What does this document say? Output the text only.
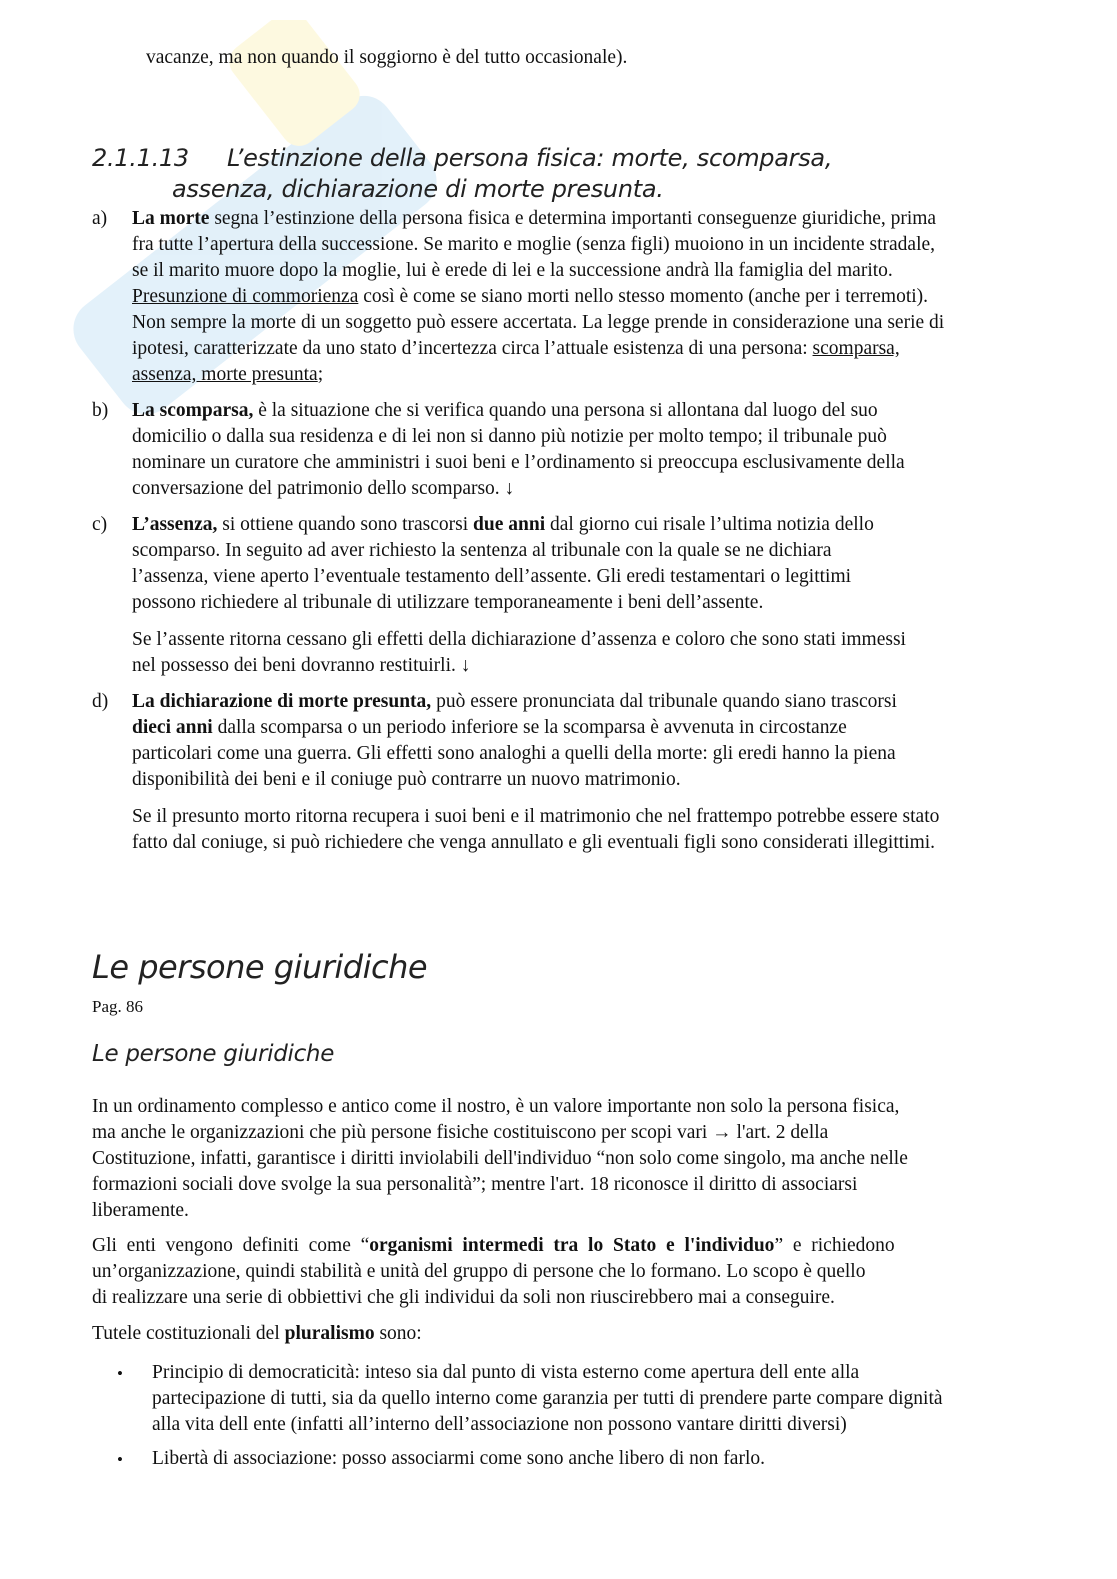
vacanze, ma non quando il soggiorno è del tutto occasionale).

2.1.1.13 L’estinzione della persona fisica: morte, scomparsa,
assenza, dichiarazione di morte presunta.
a) La morte segna l’estinzione della persona fisica e determina importanti conseguenze giuridiche, prima

fra tutte l’apertura della successione. Se marito e moglie (senza figli) muoiono in un incidente stradale,

se il marito muore dopo la moglie, lui è erede di lei e la successione andrà lla famiglia del marito.

Presunzione di commorienza così è come se siano morti nello stesso momento (anche per i terremoti).

Non sempre la morte di un soggetto può essere accertata. La legge prende in considerazione una serie di

ipotesi, caratterizzate da uno stato d’incertezza circa l’attuale esistenza di una persona: scomparsa,

assenza, morte presunta;

b) La scomparsa, è la situazione che si verifica quando una persona si allontana dal luogo del suo

domicilio o dalla sua residenza e di lei non si danno più notizie per molto tempo; il tribunale può

nominare un curatore che amministri i suoi beni e l’ordinamento si preoccupa esclusivamente della

conversazione del patrimonio dello scomparso. ↓

c) L’assenza, si ottiene quando sono trascorsi due anni dal giorno cui risale l’ultima notizia dello

scomparso. In seguito ad aver richiesto la sentenza al tribunale con la quale se ne dichiara

l’assenza, viene aperto l’eventuale testamento dell’assente. Gli eredi testamentari o legittimi

possono richiedere al tribunale di utilizzare temporaneamente i beni dell’assente.

Se l’assente ritorna cessano gli effetti della dichiarazione d’assenza e coloro che sono stati immessi

nel possesso dei beni dovranno restituirli. ↓

d) La dichiarazione di morte presunta, può essere pronunciata dal tribunale quando siano trascorsi

dieci anni dalla scomparsa o un periodo inferiore se la scomparsa è avvenuta in circostanze

particolari come una guerra. Gli effetti sono analoghi a quelli della morte: gli eredi hanno la piena

disponibilità dei beni e il coniuge può contrarre un nuovo matrimonio.

Se il presunto morto ritorna recupera i suoi beni e il matrimonio che nel frattempo potrebbe essere stato

fatto dal coniuge, si può richiedere che venga annullato e gli eventuali figli sono considerati illegittimi.

Le persone giuridiche
Pag. 86
Le persone giuridiche

In un ordinamento complesso e antico come il nostro, è un valore importante non solo la persona fisica,

ma anche le organizzazioni che più persone fisiche costituiscono per scopi vari → l'art. 2 della

Costituzione, infatti, garantisce i diritti inviolabili dell'individuo “non solo come singolo, ma anche nelle

formazioni sociali dove svolge la sua personalità”; mentre l'art. 18 riconosce il diritto di associarsi

liberamente.

Gli  enti  vengono  definiti  come  “organismi  intermedi  tra  lo  Stato  e  l'individuo”  e  richiedono

un’organizzazione, quindi stabilità e unità del gruppo di persone che lo formano. Lo scopo è quello

di realizzare una serie di obbiettivi che gli individui da soli non riuscirebbero mai a conseguire.

Tutele costituzionali del pluralismo sono:

• Principio di democraticità: inteso sia dal punto di vista esterno come apertura dell ente alla

partecipazione di tutti, sia da quello interno come garanzia per tutti di prendere parte compare dignità

alla vita dell ente (infatti all’interno dell’associazione non possono vantare diritti diversi)

• Libertà di associazione: posso associarmi come sono anche libero di non farlo.
